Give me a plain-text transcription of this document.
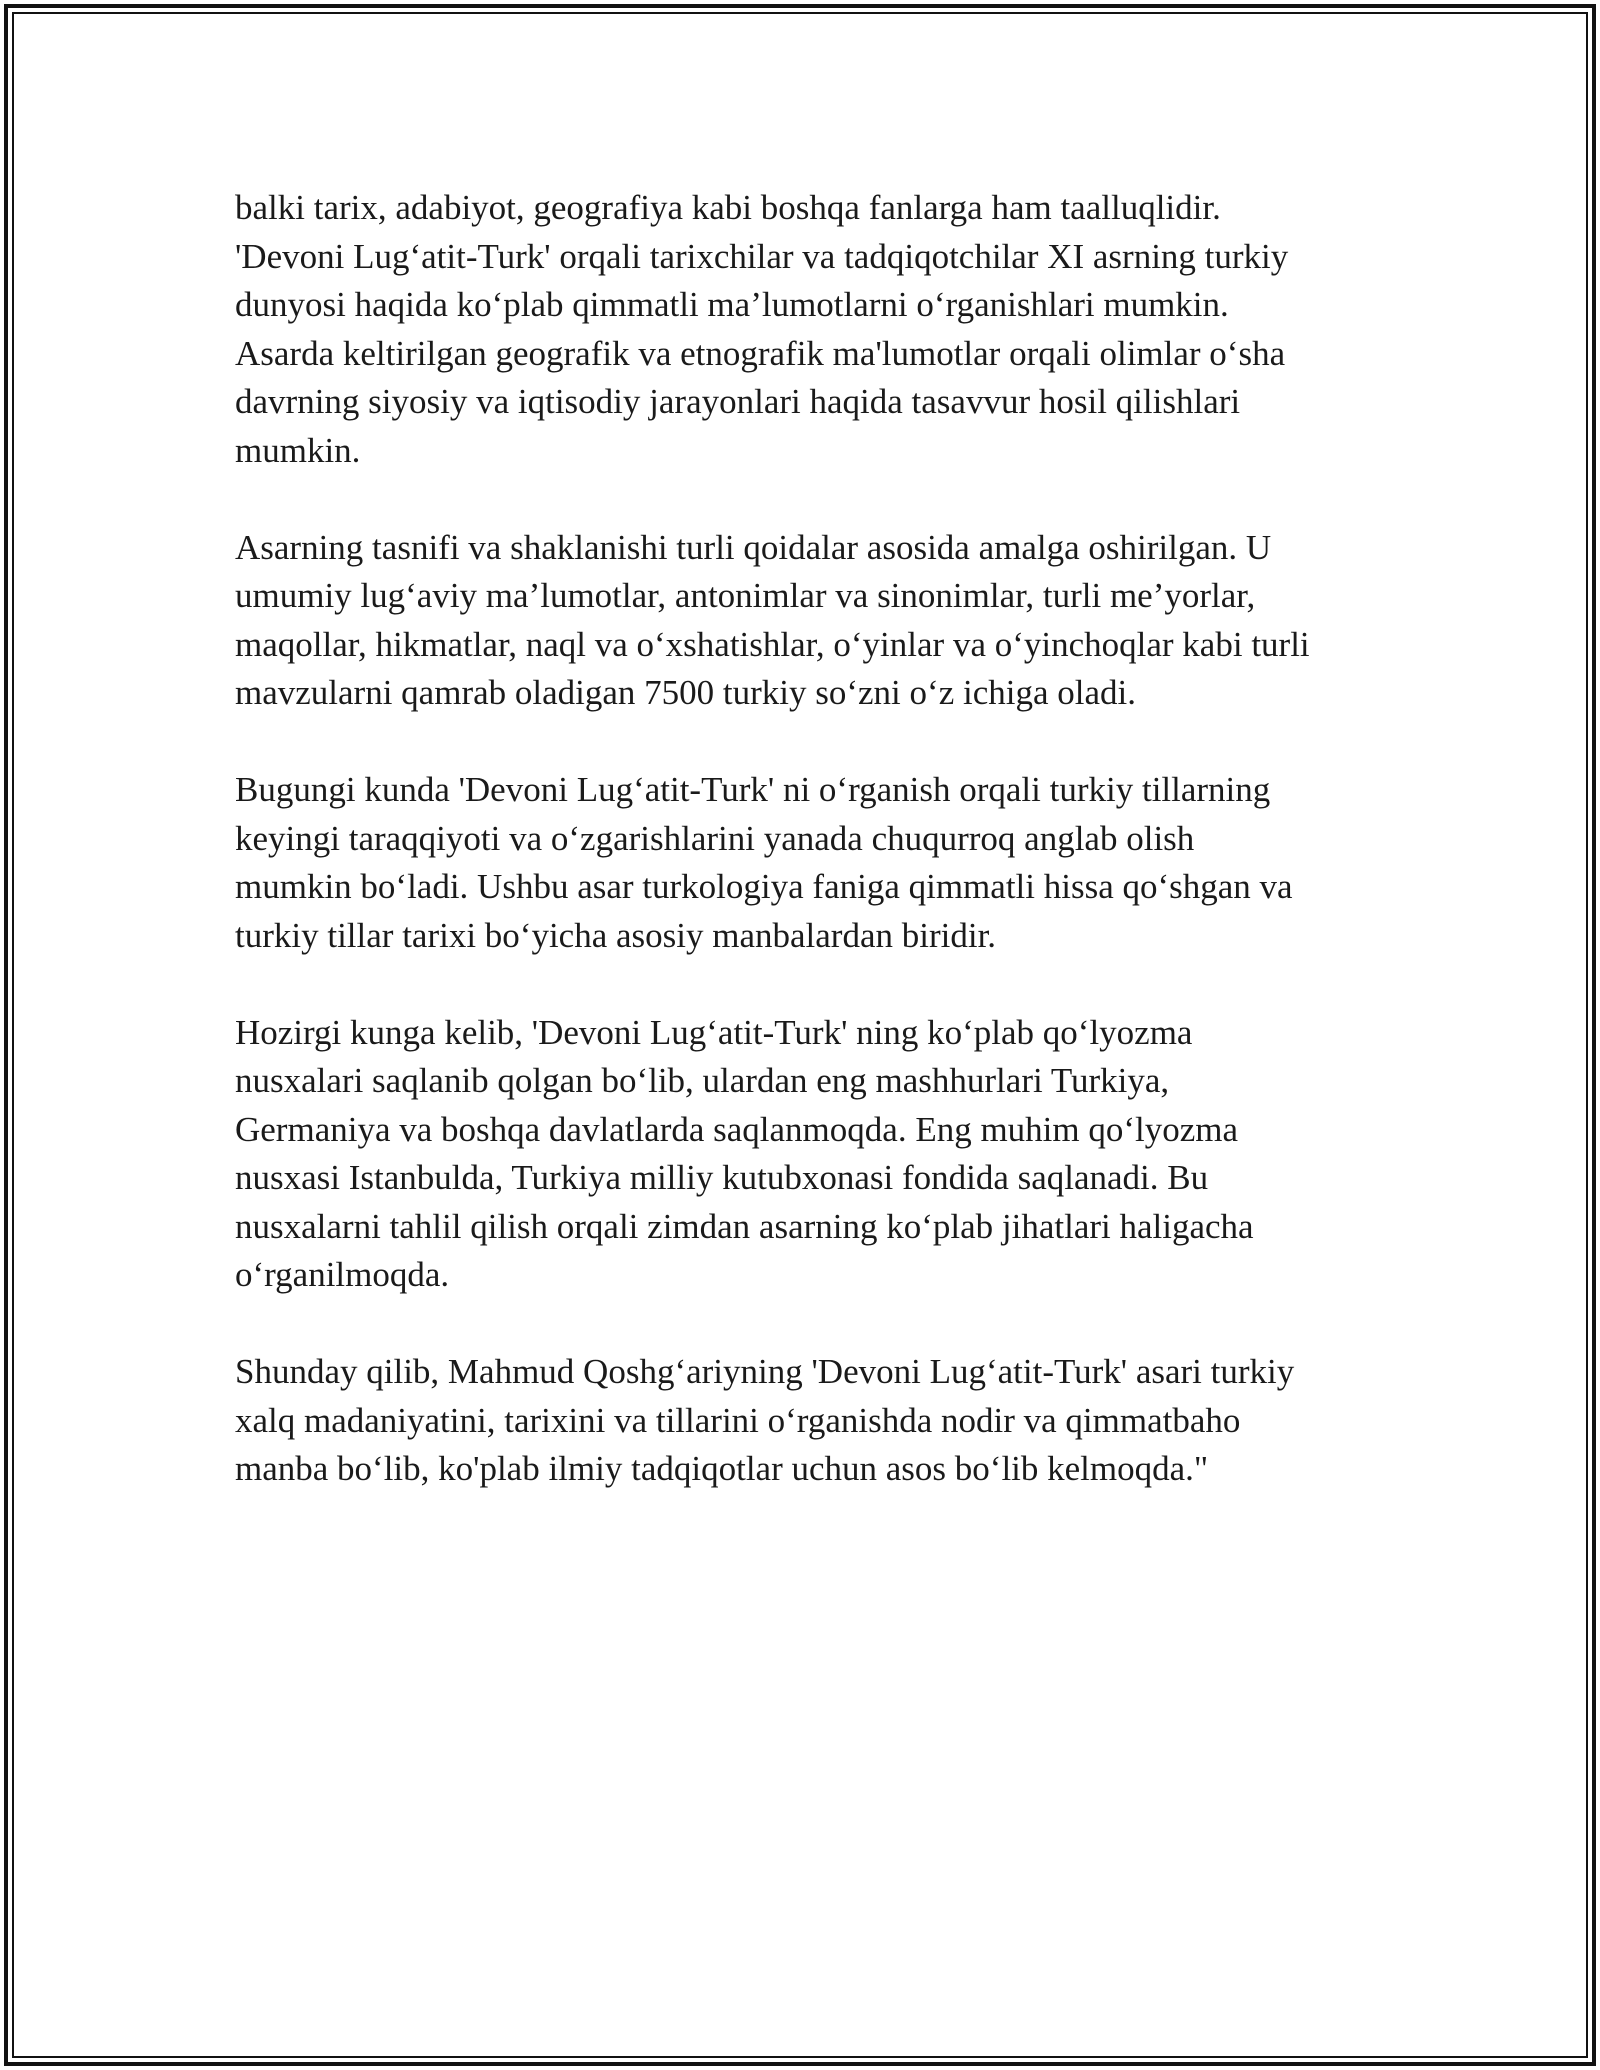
balki tarix, adabiyot, geografiya kabi boshqa fanlarga ham taalluqlidir.
'Devoni Lug‘atit-Turk' orqali tarixchilar va tadqiqotchilar XI asrning turkiy
dunyosi haqida ko‘plab qimmatli ma’lumotlarni o‘rganishlari mumkin.
Asarda keltirilgan geografik va etnografik ma'lumotlar orqali olimlar o‘sha
davrning siyosiy va iqtisodiy jarayonlari haqida tasavvur hosil qilishlari
mumkin.

Asarning tasnifi va shaklanishi turli qoidalar asosida amalga oshirilgan. U
umumiy lug‘aviy ma’lumotlar, antonimlar va sinonimlar, turli me’yorlar,
maqollar, hikmatlar, naql va o‘xshatishlar, o‘yinlar va o‘yinchoqlar kabi turli
mavzularni qamrab oladigan 7500 turkiy so‘zni o‘z ichiga oladi.

Bugungi kunda 'Devoni Lug‘atit-Turk' ni o‘rganish orqali turkiy tillarning
keyingi taraqqiyoti va o‘zgarishlarini yanada chuqurroq anglab olish
mumkin bo‘ladi. Ushbu asar turkologiya faniga qimmatli hissa qo‘shgan va
turkiy tillar tarixi bo‘yicha asosiy manbalardan biridir.

Hozirgi kunga kelib, 'Devoni Lug‘atit-Turk' ning ko‘plab qo‘lyozma
nusxalari saqlanib qolgan bo‘lib, ulardan eng mashhurlari Turkiya,
Germaniya va boshqa davlatlarda saqlanmoqda. Eng muhim qo‘lyozma
nusxasi Istanbulda, Turkiya milliy kutubxonasi fondida saqlanadi. Bu
nusxalarni tahlil qilish orqali zimdan asarning ko‘plab jihatlari haligacha
o‘rganilmoqda.

Shunday qilib, Mahmud Qoshg‘ariyning 'Devoni Lug‘atit-Turk' asari turkiy
xalq madaniyatini, tarixini va tillarini o‘rganishda nodir va qimmatbaho
manba bo‘lib, ko'plab ilmiy tadqiqotlar uchun asos bo‘lib kelmoqda."
